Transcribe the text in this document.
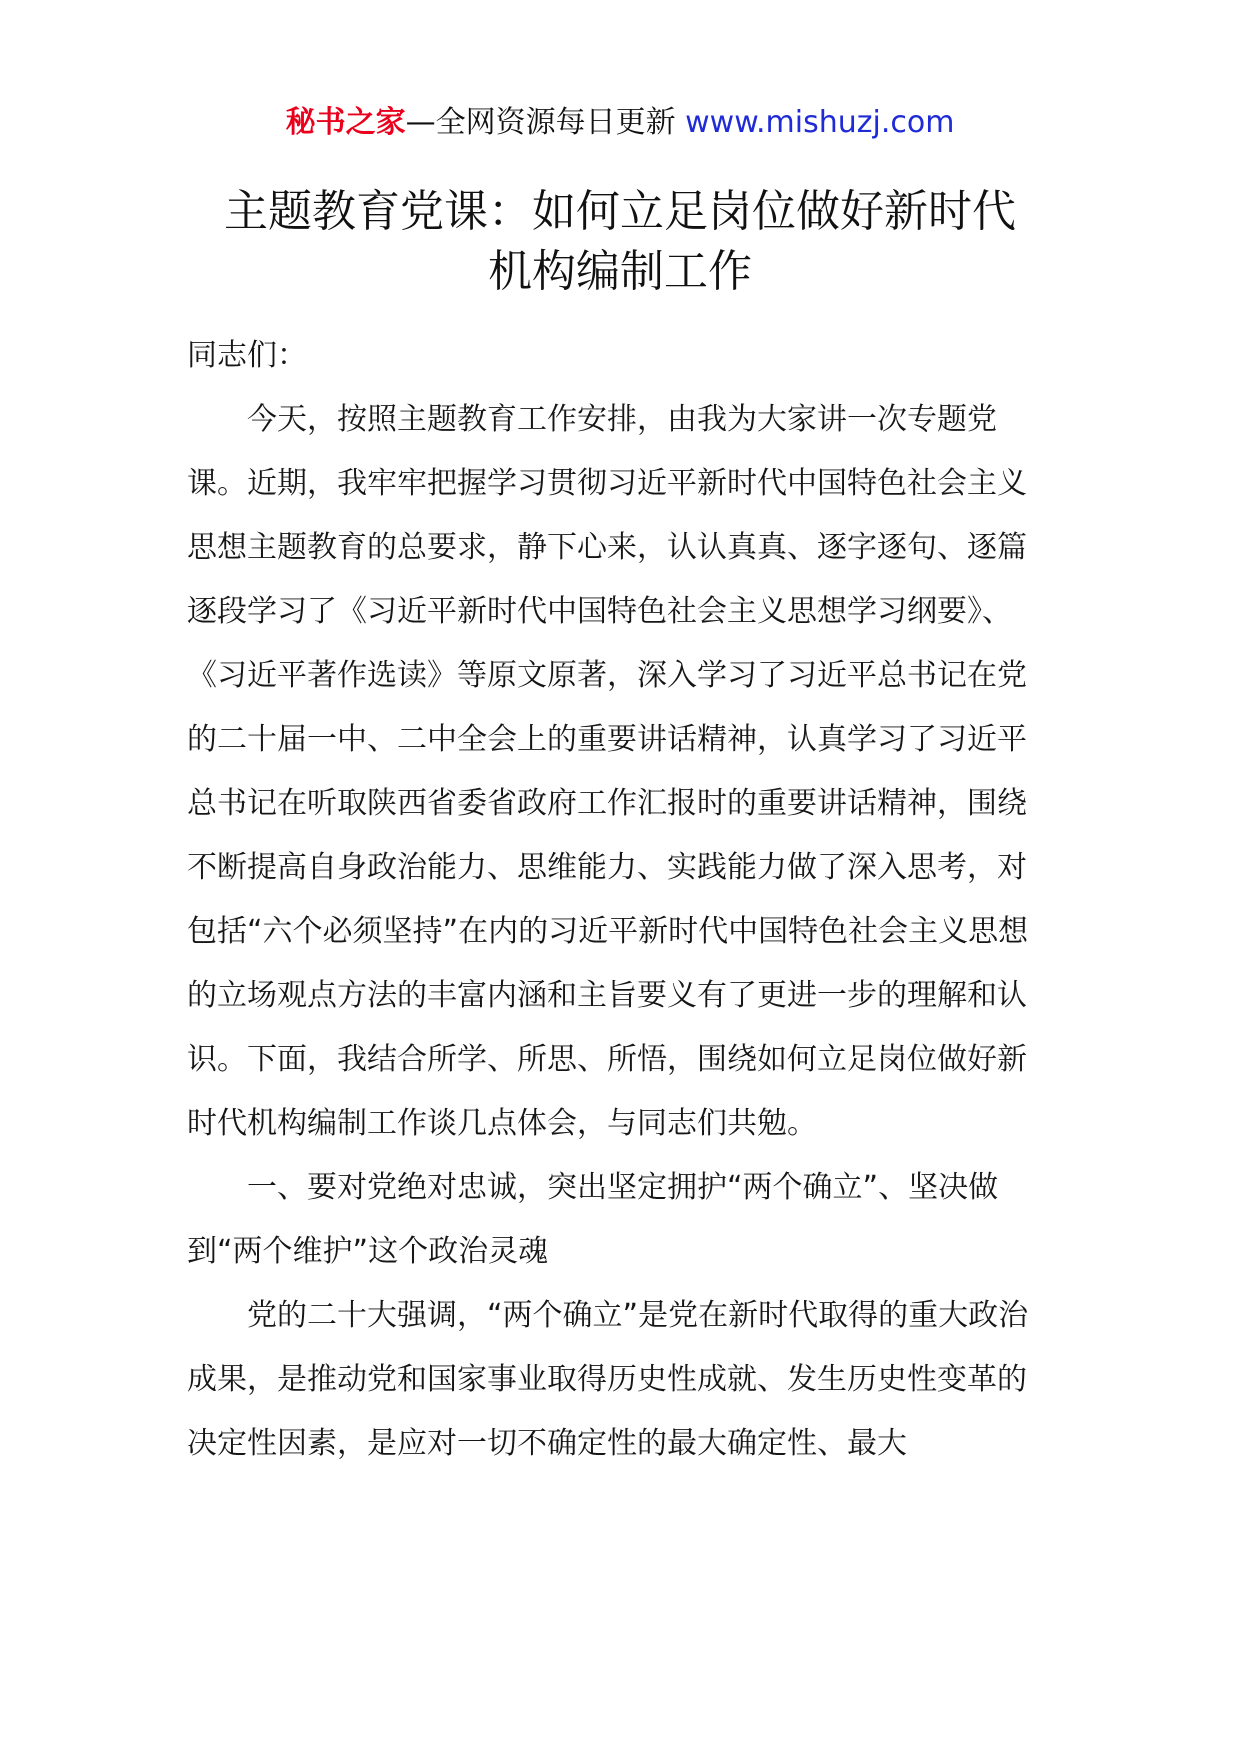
秘书之家—全网资源每日更新 www.mishuzj.com
主题教育党课：如何立足岗位做好新时代
机构编制工作

同志们：

今天，按照主题教育工作安排，由我为大家讲一次专题党课。近期，我牢牢把握学习贯彻习近平新时代中国特色社会主义思想主题教育的总要求，静下心来，认认真真、逐字逐句、逐篇逐段学习了《习近平新时代中国特色社会主义思想学习纲要》、《习近平著作选读》等原文原著，深入学习了习近平总书记在党的二十届一中、二中全会上的重要讲话精神，认真学习了习近平总书记在听取陕西省委省政府工作汇报时的重要讲话精神，围绕不断提高自身政治能力、思维能力、实践能力做了深入思考，对包括“六个必须坚持”在内的习近平新时代中国特色社会主义思想的立场观点方法的丰富内涵和主旨要义有了更进一步的理解和认识。下面，我结合所学、所思、所悟，围绕如何立足岗位做好新时代机构编制工作谈几点体会，与同志们共勉。

一、要对党绝对忠诚，突出坚定拥护“两个确立”、坚决做到“两个维护”这个政治灵魂

党的二十大强调，“两个确立”是党在新时代取得的重大政治成果，是推动党和国家事业取得历史性成就、发生历史性变革的决定性因素，是应对一切不确定性的最大确定性、最大
